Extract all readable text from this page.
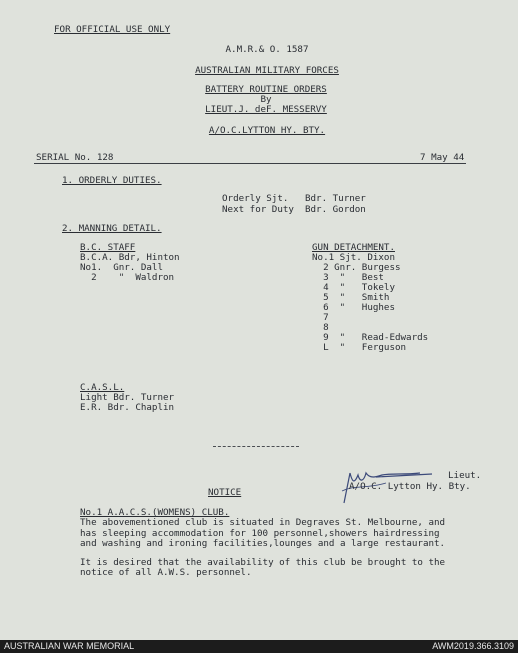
FOR OFFICIAL USE ONLY
A.M.R.& O. 1587
AUSTRALIAN MILITARY FORCES
BATTERY ROUTINE ORDERS
By
LIEUT.J. deF. MESSERVY
A/O.C.LYTTON HY. BTY.
SERIAL No. 128	7 May 44
1. ORDERLY DUTIES.
Orderly Sjt.   Bdr. Turner
Next for Duty  Bdr. Gordon
2. MANNING DETAIL.
B.C. STAFF
B.C.A. Bdr, Hinton
No1.  Gnr. Dall
2    "  Waldron
GUN DETACHMENT.
No.1 Sjt. Dixon
2 Gnr. Burgess
3  "   Best
4  "   Tokely
5  "   Smith
6  "   Hughes
7
8
9  "   Read-Edwards
L  "   Ferguson
C.A.S.L.
Light Bdr. Turner
E.R. Bdr. Chaplin
Lieut.
A/O.C. Lytton Hy. Bty.
NOTICE
No.1 A.A.C.S.(WOMENS) CLUB.
The abovementioned club is situated in Degraves St. Melbourne, and
has sleeping accommodation for 100 personnel,showers hairdressing
and washing and ironing facilities,lounges and a large restaurant.
It is desired that the availability of this club be brought to the
notice of all A.W.S. personnel.
AUSTRALIAN WAR MEMORIAL	AWM2019.366.3109
